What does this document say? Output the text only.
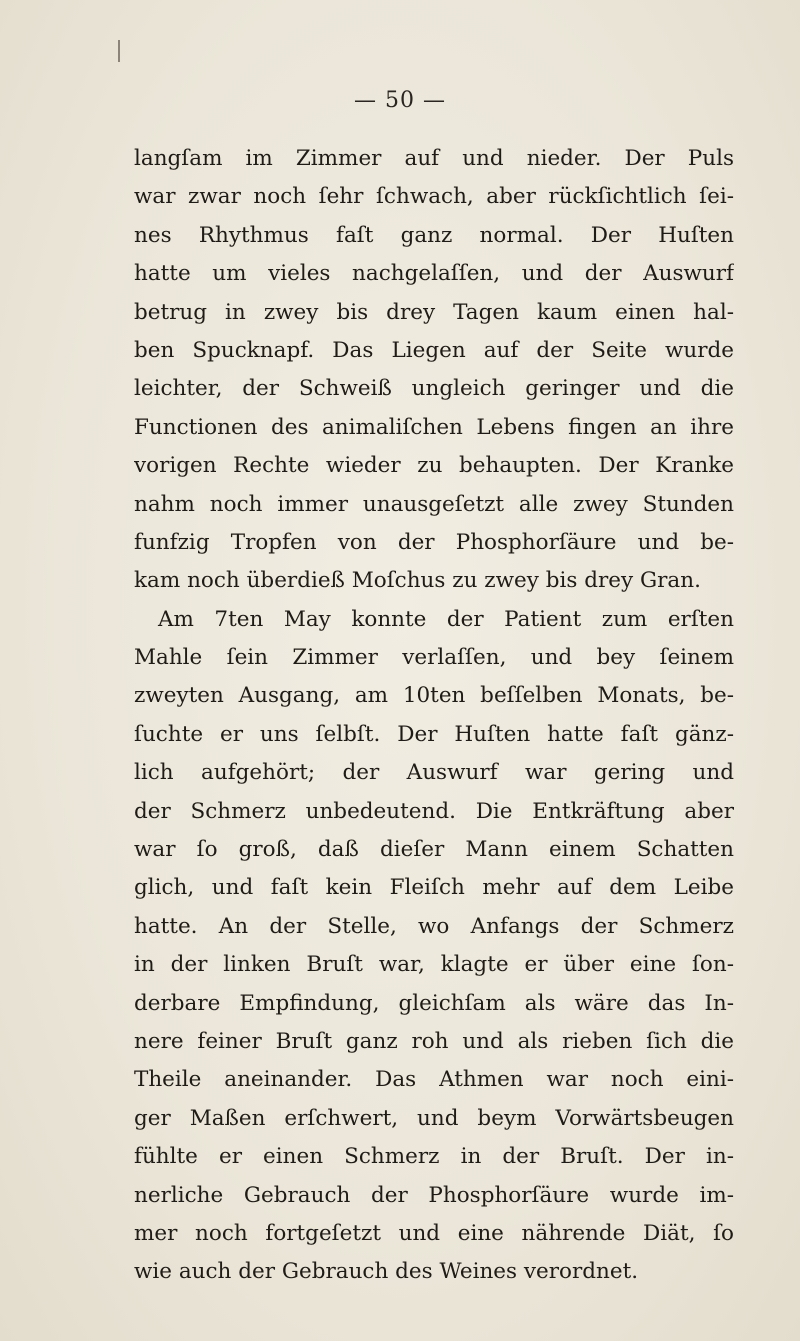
— 50 —
langſam im Zimmer auf und nieder. Der Puls
war zwar noch ſehr ſchwach, aber rückſichtlich ſei-
nes Rhythmus faſt ganz normal. Der Huſten
hatte um vieles nachgelaſſen, und der Auswurf
betrug in zwey bis drey Tagen kaum einen hal-
ben Spucknapf. Das Liegen auf der Seite wurde
leichter, der Schweiß ungleich geringer und die
Functionen des animaliſchen Lebens fingen an ihre
vorigen Rechte wieder zu behaupten. Der Kranke
nahm noch immer unausgeſetzt alle zwey Stunden
funfzig Tropfen von der Phosphorſäure und be-
kam noch überdieß Moſchus zu zwey bis drey Gran.
Am 7ten May konnte der Patient zum erſten
Mahle ſein Zimmer verlaſſen, und bey ſeinem
zweyten Ausgang, am 10ten beſſelben Monats, be-
ſuchte er uns ſelbſt. Der Huſten hatte faſt gänz-
lich aufgehört; der Auswurf war gering und
der Schmerz unbedeutend. Die Entkräftung aber
war ſo groß, daß dieſer Mann einem Schatten
glich, und faſt kein Fleiſch mehr auf dem Leibe
hatte. An der Stelle, wo Anfangs der Schmerz
in der linken Bruſt war, klagte er über eine ſon-
derbare Empfindung, gleichſam als wäre das In-
nere feiner Bruſt ganz roh und als rieben ſich die
Theile aneinander. Das Athmen war noch eini-
ger Maßen erſchwert, und beym Vorwärtsbeugen
fühlte er einen Schmerz in der Bruſt. Der in-
nerliche Gebrauch der Phosphorſäure wurde im-
mer noch fortgeſetzt und eine nährende Diät, ſo
wie auch der Gebrauch des Weines verordnet.
